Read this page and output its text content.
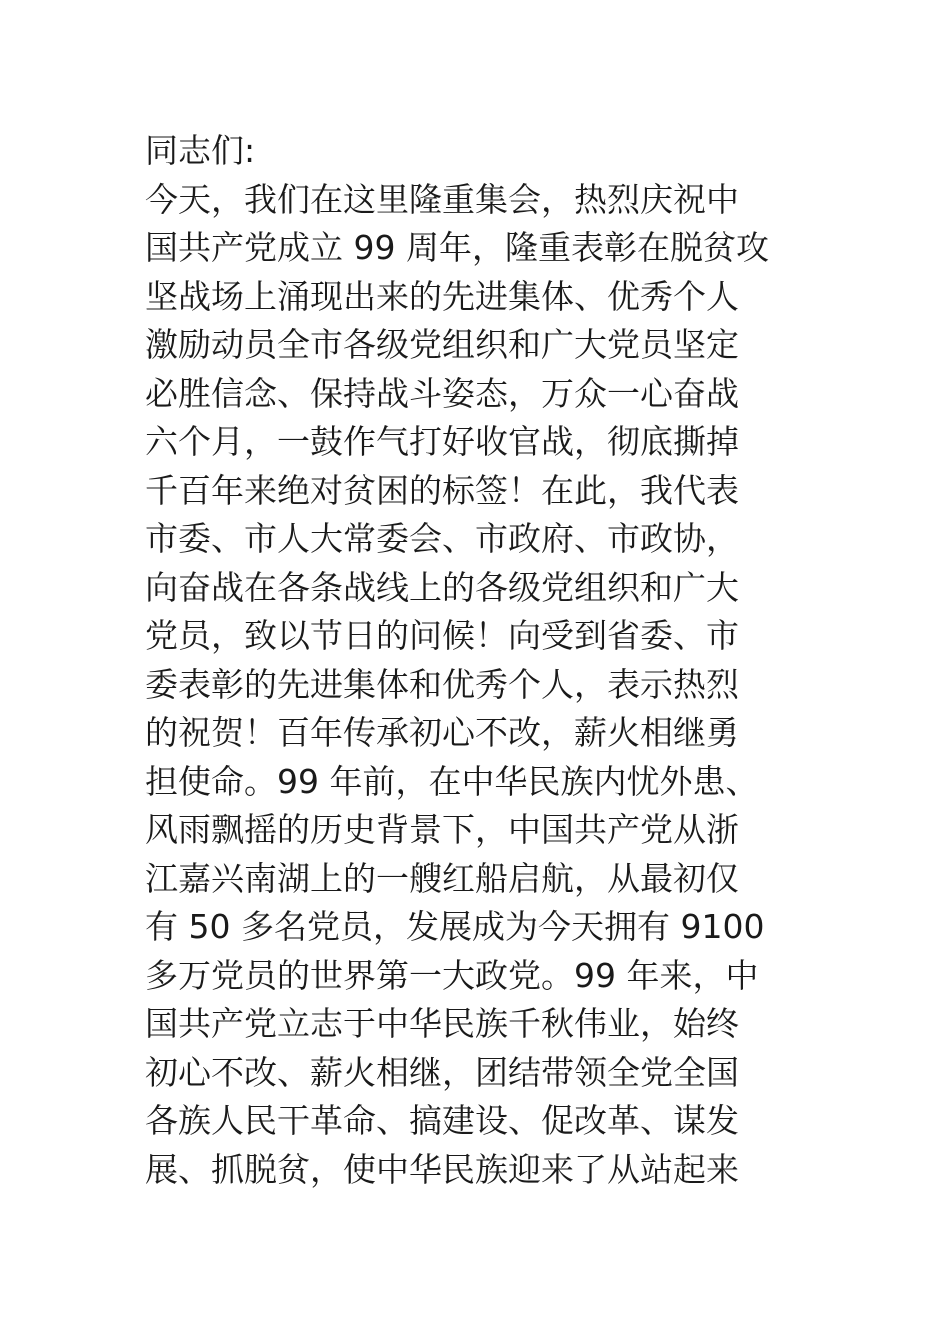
同志们:
今天，我们在这里隆重集会，热烈庆祝中
国共产党成立 99 周年，隆重表彰在脱贫攻
坚战场上涌现出来的先进集体、优秀个人
激励动员全市各级党组织和广大党员坚定
必胜信念、保持战斗姿态，万众一心奋战
六个月，一鼓作气打好收官战，彻底撕掉
千百年来绝对贫困的标签！在此，我代表
市委、市人大常委会、市政府、市政协，
向奋战在各条战线上的各级党组织和广大
党员，致以节日的问候！向受到省委、市
委表彰的先进集体和优秀个人，表示热烈
的祝贺！百年传承初心不改，薪火相继勇
担使命。99 年前，在中华民族内忧外患、
风雨飘摇的历史背景下，中国共产党从浙
江嘉兴南湖上的一艘红船启航，从最初仅
有 50 多名党员，发展成为今天拥有 9100
多万党员的世界第一大政党。99 年来，中
国共产党立志于中华民族千秋伟业，始终
初心不改、薪火相继，团结带领全党全国
各族人民干革命、搞建设、促改革、谋发
展、抓脱贫，使中华民族迎来了从站起来
